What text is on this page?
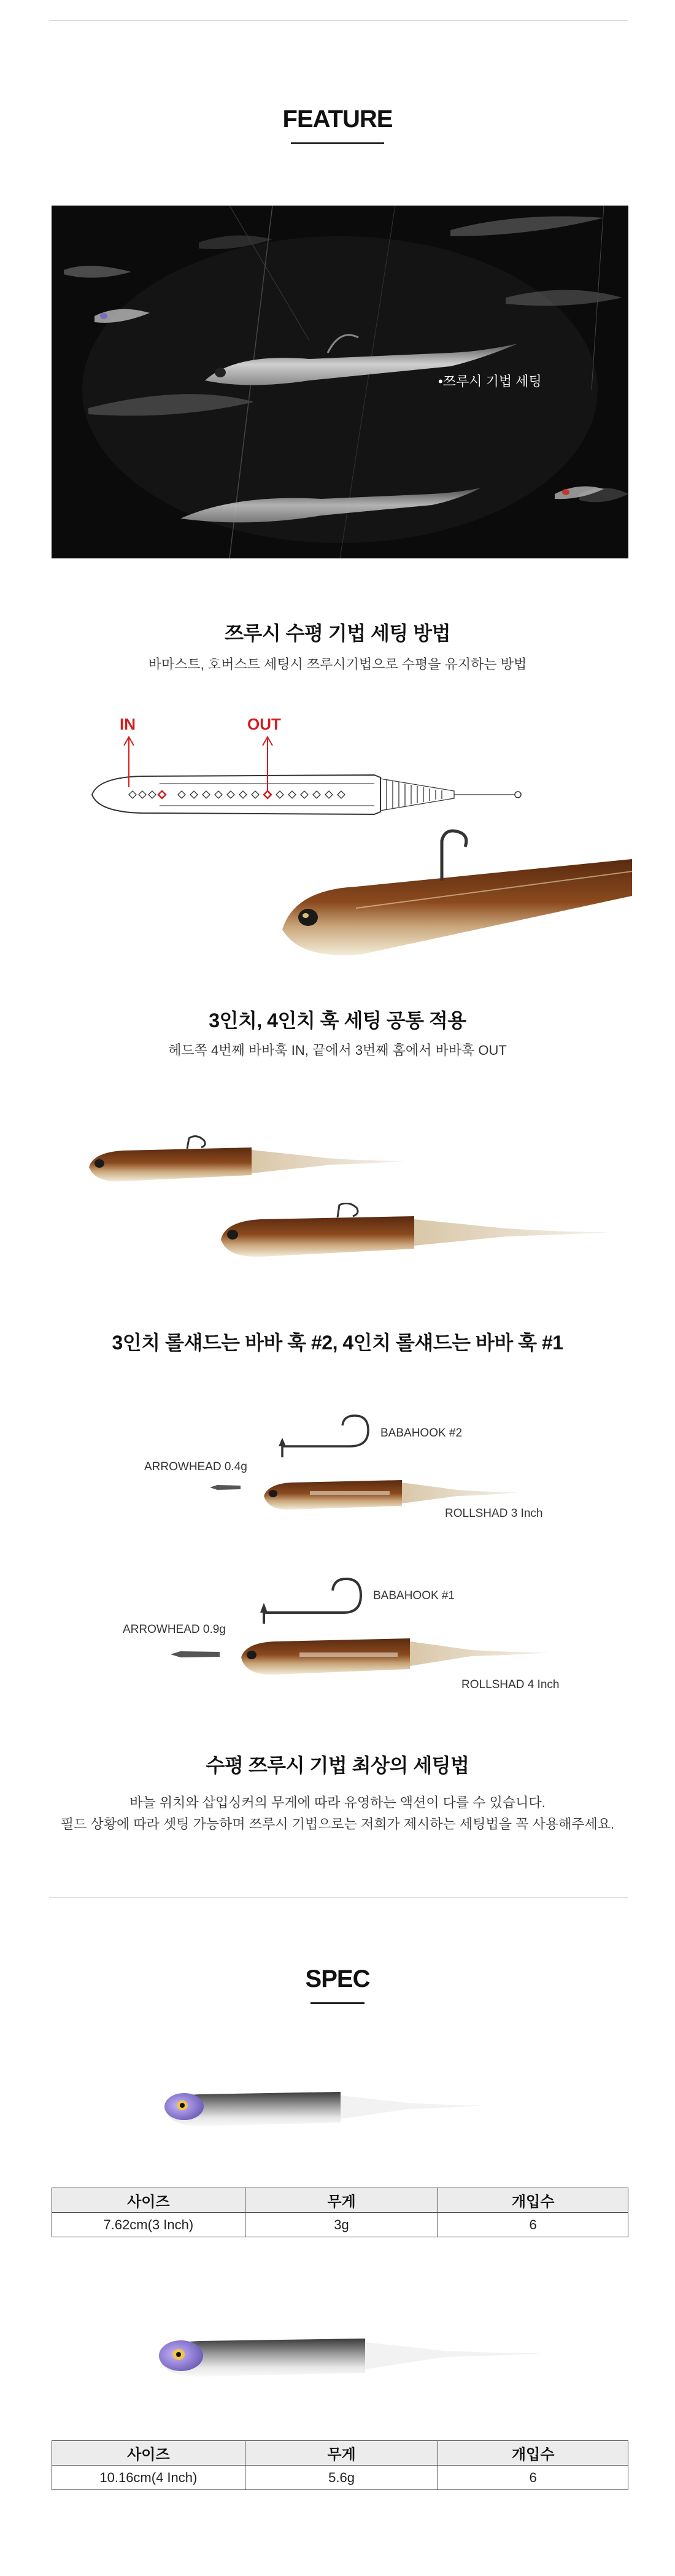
FEATURE
•쯔루시 기법 세팅
쯔루시 수평 기법 세팅 방법
바마스트, 호버스트 세팅시 쯔루시기법으로 수평을 유지하는 방법
IN	OUT
3인치, 4인치 훅 세팅 공통 적용
헤드쪽 4번째 바바훅 IN, 끝에서 3번째 홈에서 바바훅 OUT
3인치 롤섀드는 바바 훅 #2, 4인치 롤섀드는 바바 훅 #1
BABAHOOK #2
ARROWHEAD 0.4g
ROLLSHAD 3 Inch
BABAHOOK #1
ARROWHEAD 0.9g
ROLLSHAD 4 Inch
수평 쯔루시 기법 최상의 세팅법
바늘 위치와 삽입싱커의 무게에 따라 유영하는 액션이 다를 수 있습니다.
필드 상황에 따라 셋팅 가능하며 쯔루시 기법으로는 저희가 제시하는 세팅법을 꼭 사용해주세요.
SPEC
사이즈	무게	개입수
7.62cm(3 Inch)	3g	6
사이즈	무게	개입수
10.16cm(4 Inch)	5.6g	6
